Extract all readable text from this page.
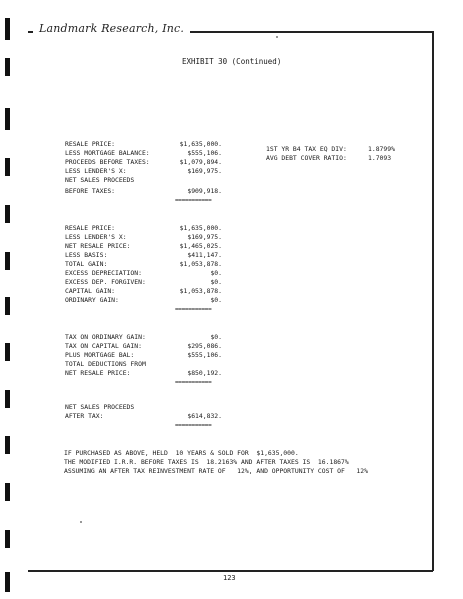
Landmark Research, Inc.
EXHIBIT 30 (Continued)
RESALE PRICE:	$1,635,000.
LESS MORTGAGE BALANCE:	$555,106.
PROCEEDS BEFORE TAXES:	$1,079,894.
LESS LENDER'S X:	$169,975.
NET SALES PROCEEDS
BEFORE TAXES:	$909,918.
===========
1ST YR B4 TAX EQ DIV:	1.8799%
AVG DEBT COVER RATIO:	1.7093
RESALE PRICE:	$1,635,000.
LESS LENDER'S X:	$169,975.
NET RESALE PRICE:	$1,465,025.
LESS BASIS:	$411,147.
TOTAL GAIN:	$1,053,878.
EXCESS DEPRECIATION:	$0.
EXCESS DEP. FORGIVEN:	$0.
CAPITAL GAIN:	$1,053,878.
ORDINARY GAIN:	$0.
===========
TAX ON ORDINARY GAIN:	$0.
TAX ON CAPITAL GAIN:	$295,086.
PLUS MORTGAGE BAL:	$555,106.
TOTAL DEDUCTIONS FROM
NET RESALE PRICE:	$850,192.
===========
NET SALES PROCEEDS
AFTER TAX:	$614,832.
===========
IF PURCHASED AS ABOVE, HELD  10 YEARS & SOLD FOR  $1,635,000.
THE MODIFIED I.R.R. BEFORE TAXES IS  18.2163% AND AFTER TAXES IS  16.1867%
ASSUMING AN AFTER TAX REINVESTMENT RATE OF   12%, AND OPPORTUNITY COST OF   12%
123
